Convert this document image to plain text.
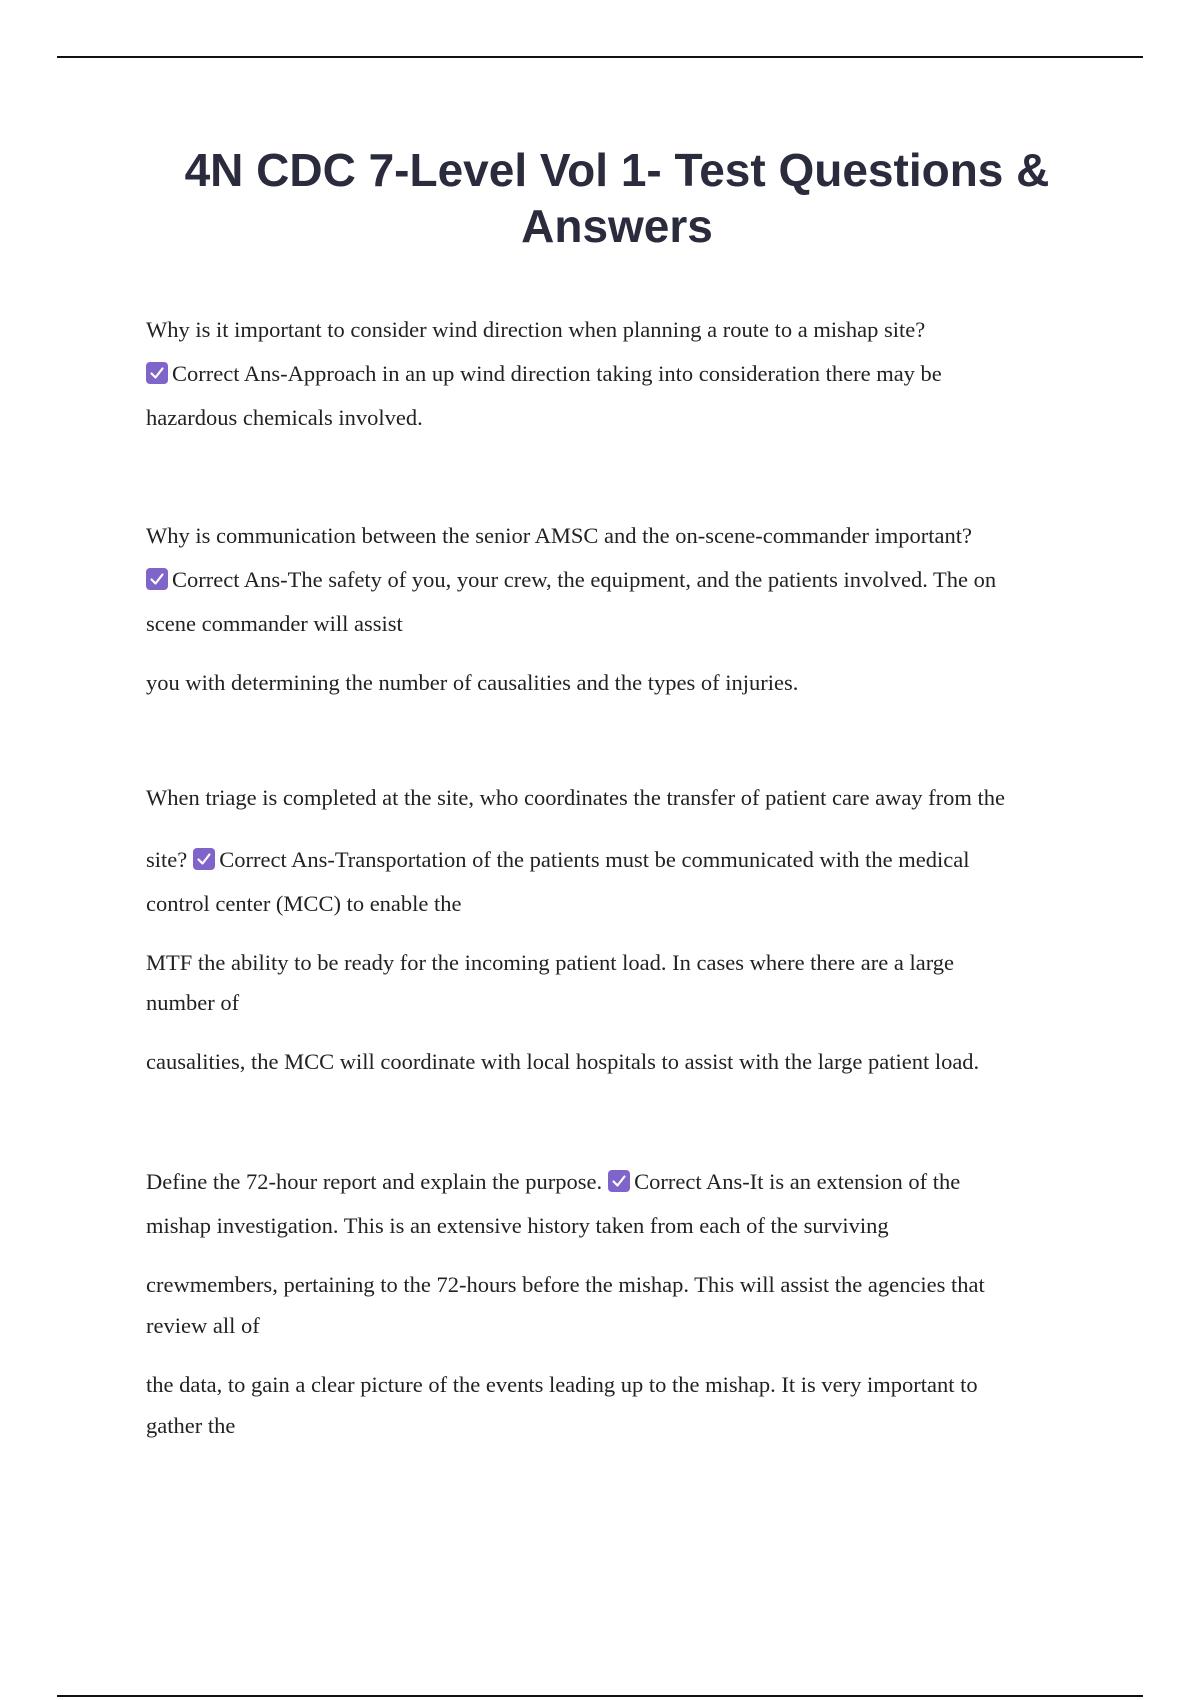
4N CDC 7-Level Vol 1- Test Questions &
Answers
Why is it important to consider wind direction when planning a route to a mishap site?
Correct Ans-Approach in an up wind direction taking into consideration there may be
hazardous chemicals involved.
Why is communication between the senior AMSC and the on-scene-commander important?
Correct Ans-The safety of you, your crew, the equipment, and the patients involved. The on
scene commander will assist
you with determining the number of causalities and the types of injuries.
When triage is completed at the site, who coordinates the transfer of patient care away from the
site? Correct Ans-Transportation of the patients must be communicated with the medical
control center (MCC) to enable the
MTF the ability to be ready for the incoming patient load. In cases where there are a large
number of
causalities, the MCC will coordinate with local hospitals to assist with the large patient load.
Define the 72-hour report and explain the purpose. Correct Ans-It is an extension of the
mishap investigation. This is an extensive history taken from each of the surviving
crewmembers, pertaining to the 72-hours before the mishap. This will assist the agencies that
review all of
the data, to gain a clear picture of the events leading up to the mishap. It is very important to
gather the
